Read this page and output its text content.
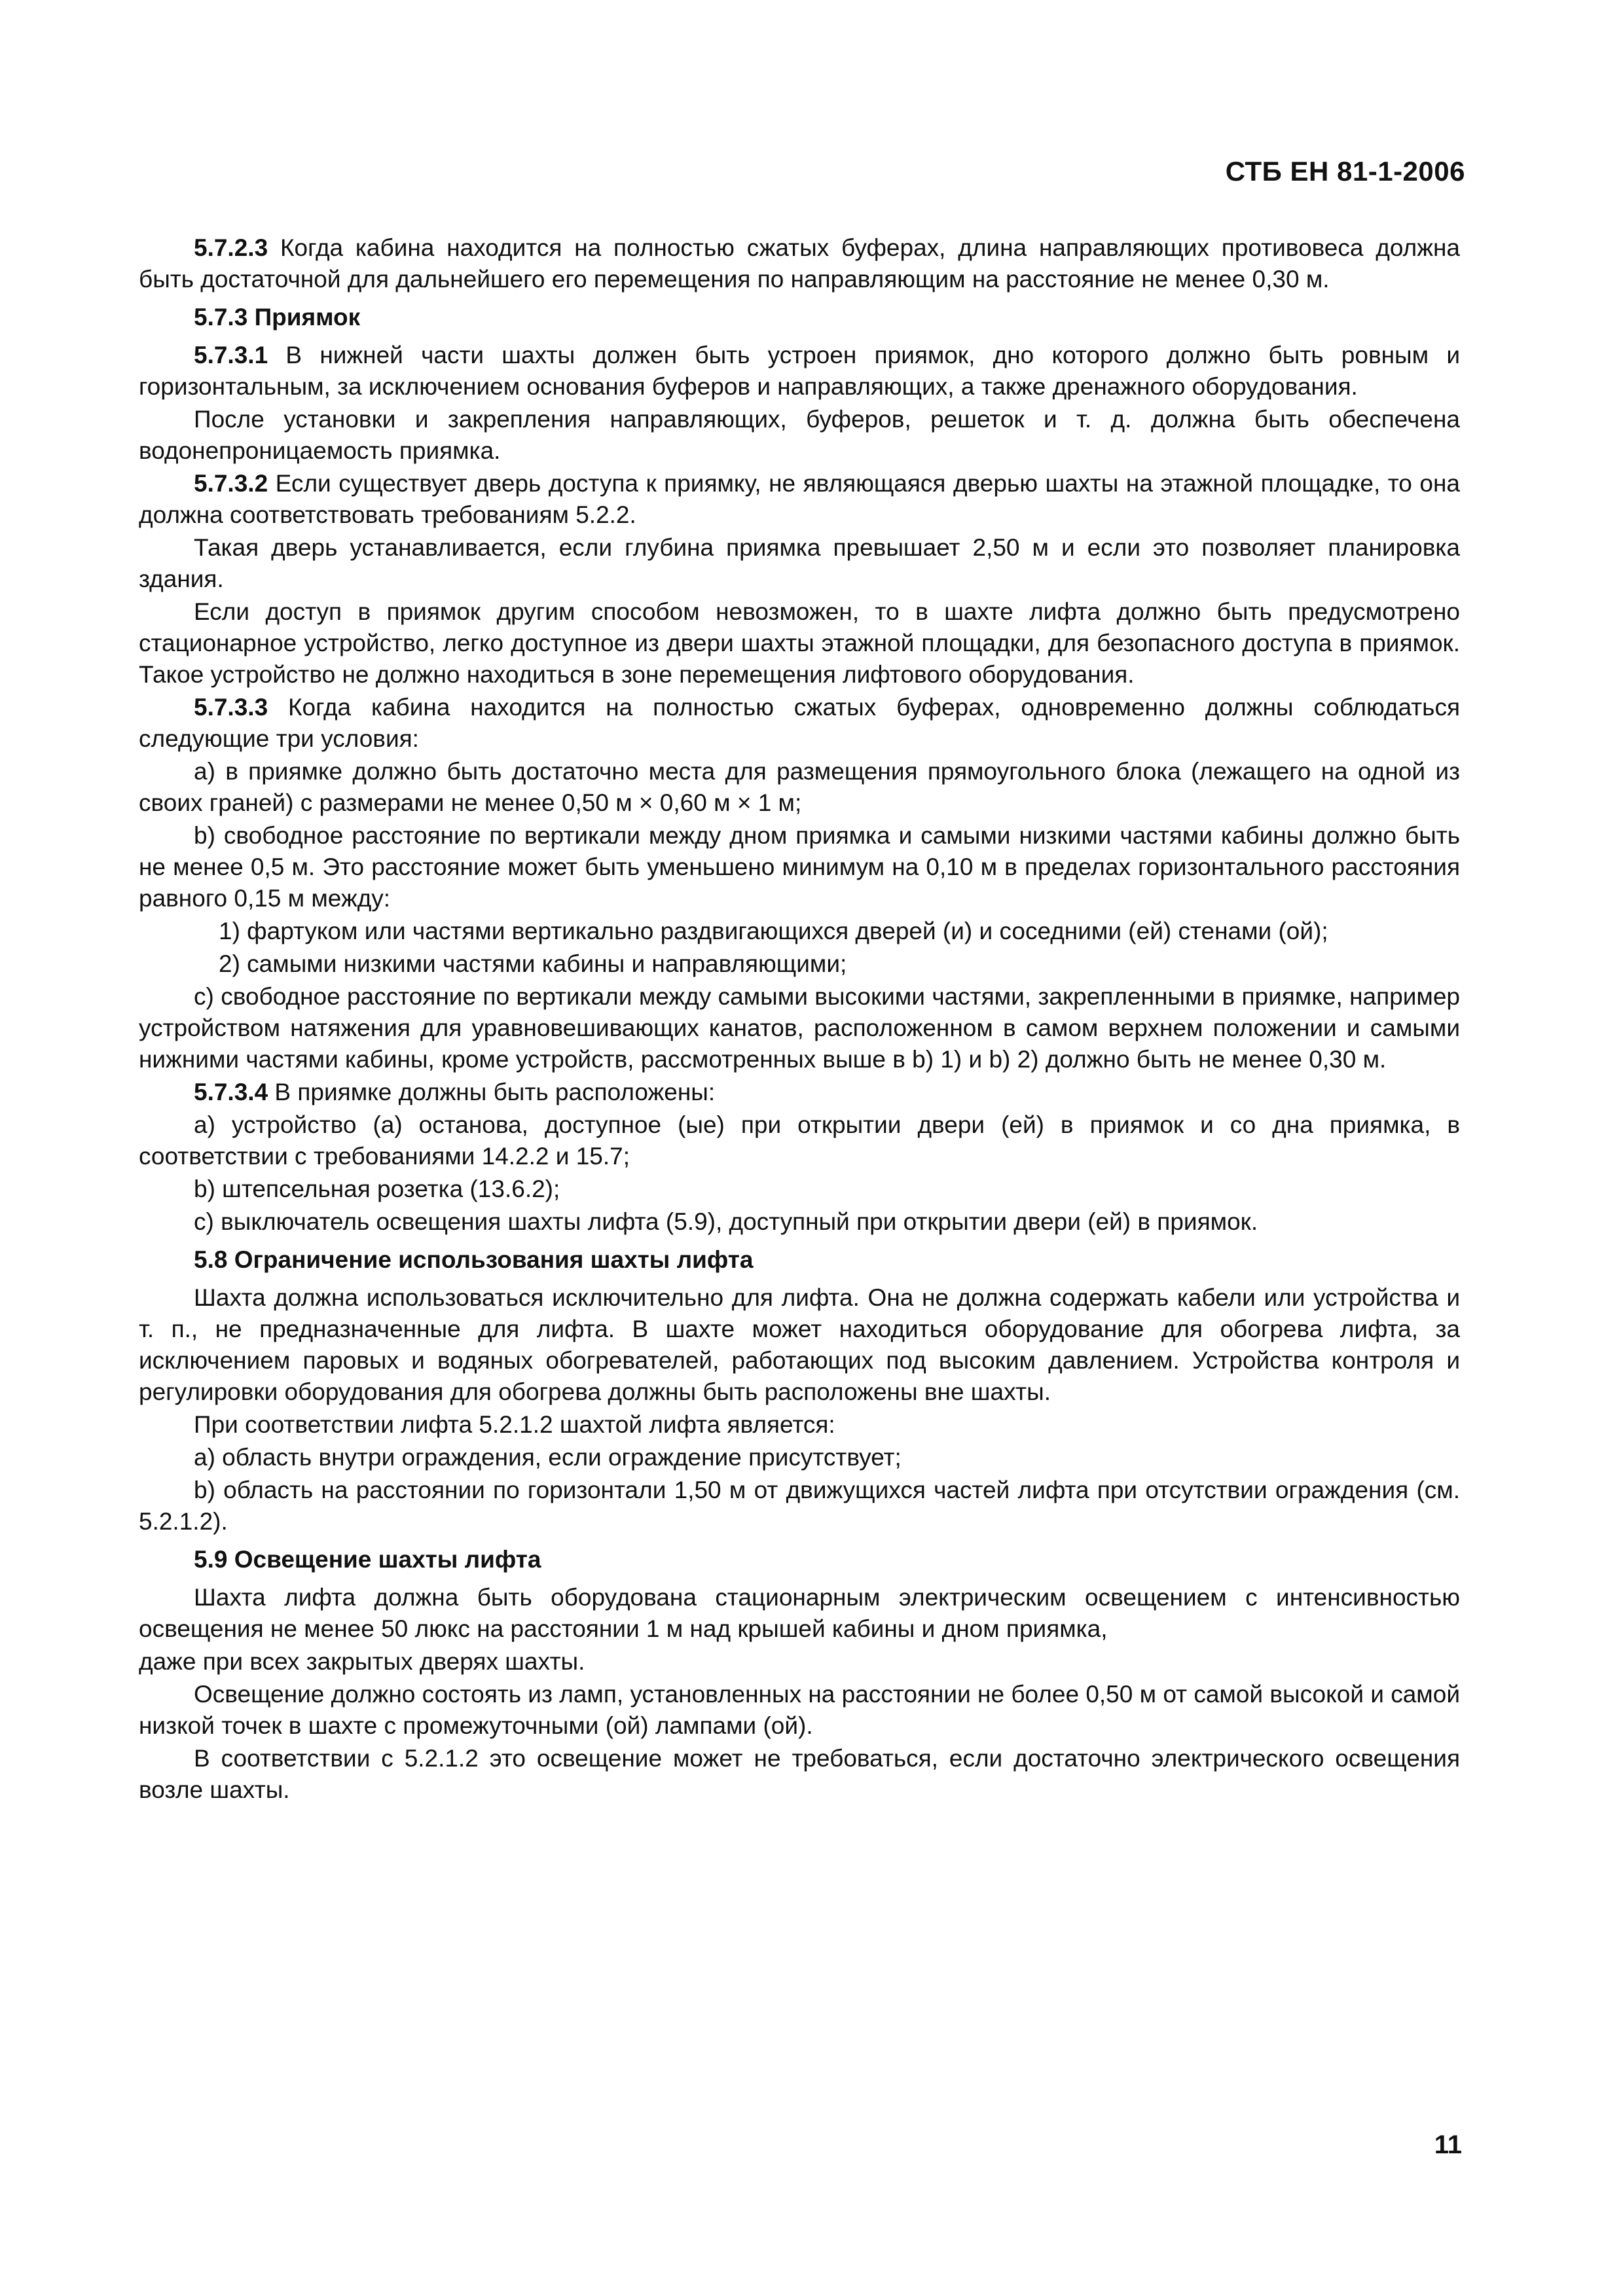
СТБ ЕН 81-1-2006

5.7.2.3 Когда кабина находится на полностью сжатых буферах, длина направляющих противовеса должна быть достаточной для дальнейшего его перемещения по направляющим на расстояние не менее 0,30 м.

5.7.3 Приямок

5.7.3.1 В нижней части шахты должен быть устроен приямок, дно которого должно быть ровным и горизонтальным, за исключением основания буферов и направляющих, а также дренажного оборудования.

После установки и закрепления направляющих, буферов, решеток и т. д. должна быть обеспечена водонепроницаемость приямка.

5.7.3.2 Если существует дверь доступа к приямку, не являющаяся дверью шахты на этажной площадке, то она должна соответствовать требованиям 5.2.2.

Такая дверь устанавливается, если глубина приямка превышает 2,50 м и если это позволяет планировка здания.

Если доступ в приямок другим способом невозможен, то в шахте лифта должно быть предусмотрено стационарное устройство, легко доступное из двери шахты этажной площадки, для безопасного доступа в приямок. Такое устройство не должно находиться в зоне перемещения лифтового оборудования.

5.7.3.3 Когда кабина находится на полностью сжатых буферах, одновременно должны соблюдаться следующие три условия:

a) в приямке должно быть достаточно места для размещения прямоугольного блока (лежащего на одной из своих граней) с размерами не менее 0,50 м × 0,60 м × 1 м;

b) свободное расстояние по вертикали между дном приямка и самыми низкими частями кабины должно быть не менее 0,5 м. Это расстояние может быть уменьшено минимум на 0,10 м в пределах горизонтального расстояния равного 0,15 м между:

1) фартуком или частями вертикально раздвигающихся дверей (и) и соседними (ей) стенами (ой);

2) самыми низкими частями кабины и направляющими;

c) свободное расстояние по вертикали между самыми высокими частями, закрепленными в приямке, например устройством натяжения для уравновешивающих канатов, расположенном в самом верхнем положении и самыми нижними частями кабины, кроме устройств, рассмотренных выше в b) 1) и b) 2) должно быть не менее 0,30 м.

5.7.3.4 В приямке должны быть расположены:

a) устройство (а) останова, доступное (ые) при открытии двери (ей) в приямок и со дна приямка, в соответствии с требованиями 14.2.2 и 15.7;

b) штепсельная розетка (13.6.2);

c) выключатель освещения шахты лифта (5.9), доступный при открытии двери (ей) в приямок.

5.8 Ограничение использования шахты лифта

Шахта должна использоваться исключительно для лифта. Она не должна содержать кабели или устройства и т. п., не предназначенные для лифта. В шахте может находиться оборудование для обогрева лифта, за исключением паровых и водяных обогревателей, работающих под высоким давлением. Устройства контроля и регулировки оборудования для обогрева должны быть расположены вне шахты.

При соответствии лифта 5.2.1.2 шахтой лифта является:

a) область внутри ограждения, если ограждение присутствует;

b) область на расстоянии по горизонтали 1,50 м от движущихся частей лифта при отсутствии ограждения (см. 5.2.1.2).

5.9 Освещение шахты лифта

Шахта лифта должна быть оборудована стационарным электрическим освещением с интенсивностью освещения не менее 50 люкс на расстоянии 1 м над крышей кабины и дном приямка,

даже при всех закрытых дверях шахты.

Освещение должно состоять из ламп, установленных на расстоянии не более 0,50 м от самой высокой и самой низкой точек в шахте с промежуточными (ой) лампами (ой).

В соответствии с 5.2.1.2 это освещение может не требоваться, если достаточно электрического освещения возле шахты.

11
